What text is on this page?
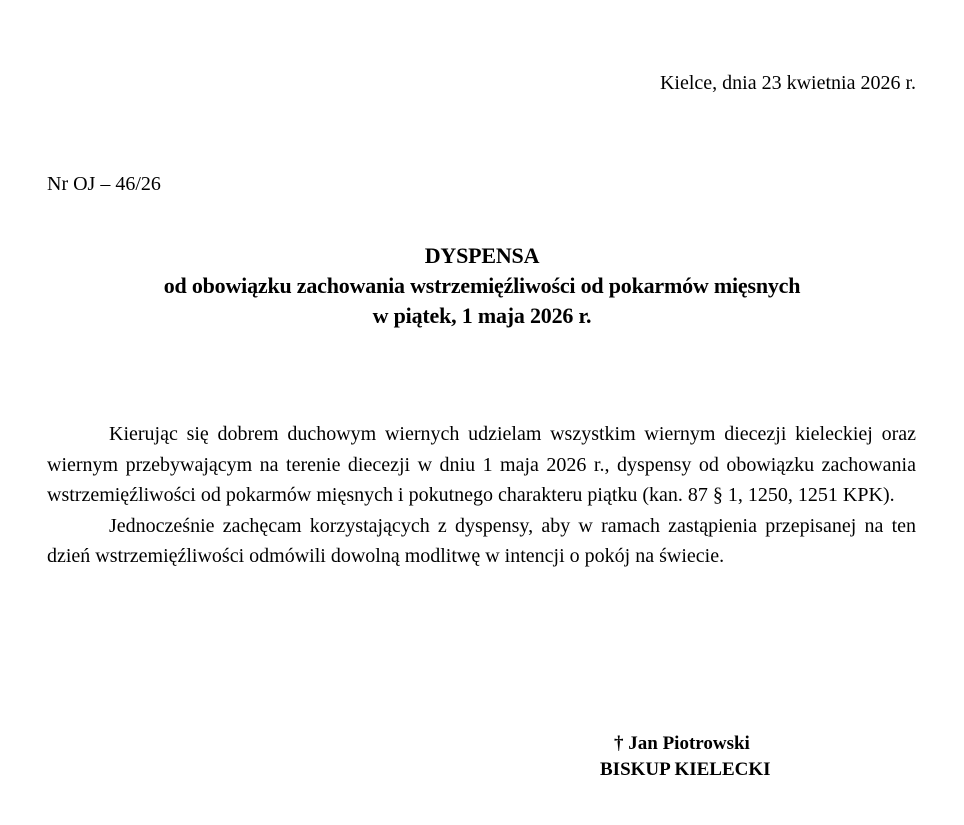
Kielce, dnia 23 kwietnia 2026 r.
Nr OJ – 46/26
DYSPENSA
od obowiązku zachowania wstrzemięźliwości od pokarmów mięsnych
w piątek, 1 maja 2026 r.

Kierując się dobrem duchowym wiernych udzielam wszystkim wiernym diecezji kieleckiej oraz wiernym przebywającym na terenie diecezji w dniu 1 maja 2026 r., dyspensy od obowiązku zachowania wstrzemięźliwości od pokarmów mięsnych i pokutnego charakteru piątku (kan. 87 § 1, 1250, 1251 KPK).

Jednocześnie zachęcam korzystających z dyspensy, aby w ramach zastąpienia przepisanej na ten dzień wstrzemięźliwości odmówili dowolną modlitwę w intencji o pokój na świecie.

† Jan Piotrowski
BISKUP KIELECKI
